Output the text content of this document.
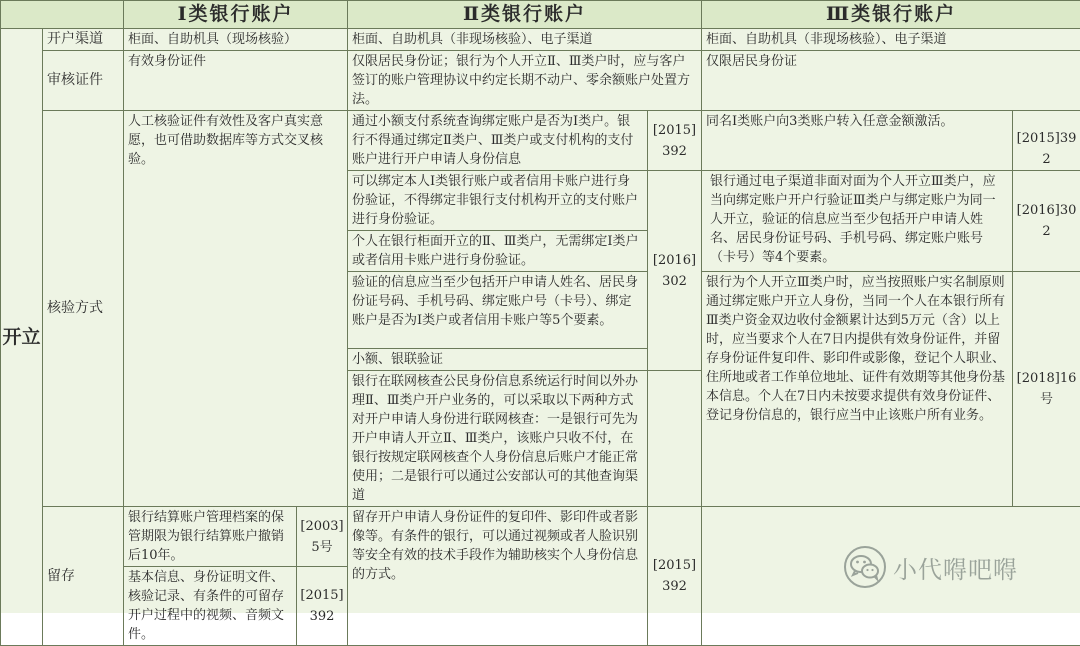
		Ⅰ类银行账户		Ⅱ类银行账户		Ⅲ类银行账户	
开立	开户渠道	柜面、自助机具（现场核验）		柜面、自助机具（非现场核验）、电子渠道		柜面、自助机具（非现场核验）、电子渠道	
	审核证件	有效身份证件		仅限居民身份证；银行为个人开立Ⅱ、Ⅲ类户时，应与客户签订的账户管理协议中约定长期不动户、零余额账户处置方法。		仅限居民身份证	
	核验方式	人工核验证件有效性及客户真实意愿，也可借助数据库等方式交叉核验。		通过小额支付系统查询绑定账户是否为Ⅰ类户。银行不得通过绑定Ⅱ类户、Ⅲ类户或支付机构的支付账户进行开户申请人身份信息	[2015]392	同名Ⅰ类账户向3类账户转入任意金额激活。	[2015]392
				可以绑定本人Ⅰ类银行账户或者信用卡账户进行身份验证，不得绑定非银行支付机构开立的支付账户进行身份验证。	[2016]302	银行通过电子渠道非面对面为个人开立Ⅲ类户，应当向绑定账户开户行验证Ⅲ类户与绑定账户为同一人开立，验证的信息应当至少包括开户申请人姓名、居民身份证号码、手机号码、绑定账户账号（卡号）等4个要素。	[2016]302
				个人在银行柜面开立的Ⅱ、Ⅲ类户，无需绑定Ⅰ类户或者信用卡账户进行身份验证。			
				验证的信息应当至少包括开户申请人姓名、居民身份证号码、手机号码、绑定账户号（卡号）、绑定账户是否为Ⅰ类户或者信用卡账户等5个要素。		银行为个人开立Ⅲ类户时，应当按照账户实名制原则通过绑定账户开立人身份，当同一个人在本银行所有Ⅲ类户资金双边收付金额累计达到5万元（含）以上时，应当要求个人在7日内提供有效身份证件，并留存身份证件复印件、影印件或影像，登记个人职业、住所地或者工作单位地址、证件有效期等其他身份基本信息。个人在7日内未按要求提供有效身份证件、登记身份信息的，银行应当中止该账户所有业务。	[2018]16号
				小额、银联验证			
				银行在联网核查公民身份信息系统运行时间以外办理Ⅱ、Ⅲ类户开户业务的，可以采取以下两种方式对开户申请人身份进行联网核查：一是银行可先为开户申请人开立Ⅱ、Ⅲ类户，该账户只收不付，在银行按规定联网核查个人身份信息后账户才能正常使用；二是银行可以通过公安部认可的其他查询渠道			

	留存	银行结算账户管理档案的保管期限为银行结算账户撤销后10年。	[2003]5号	留存开户申请人身份证件的复印件、影印件或者影像等。有条件的银行，可以通过视频或者人脸识别等安全有效的技术手段作为辅助核实个人身份信息的方式。	[2015]392		
		基本信息、身份证明文件、核验记录、有条件的可留存开户过程中的视频、音频文件。	[2015]392				
小代嘚吧嘚
